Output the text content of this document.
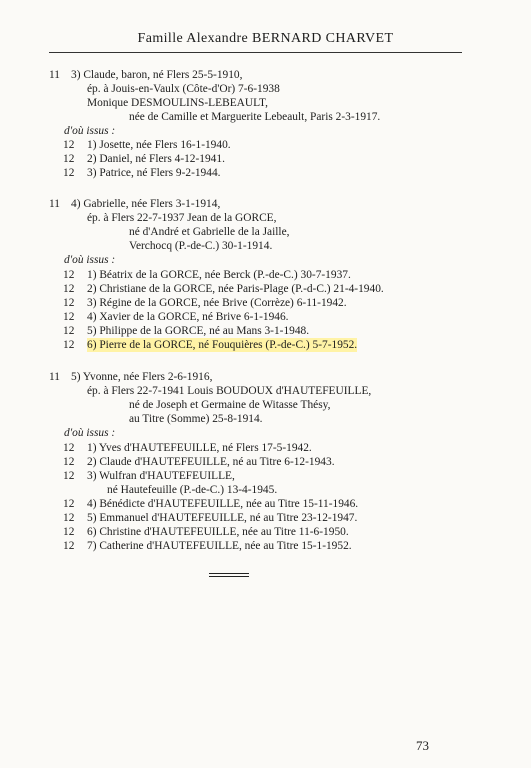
Famille Alexandre BERNARD CHARVET
11 3) Claude, baron, né Flers 25-5-1910,
ép. à Jouis-en-Vaulx (Côte-d'Or) 7-6-1938
Monique DESMOULINS-LEBEAULT,
née de Camille et Marguerite Lebeault, Paris 2-3-1917.
d'où issus :
12 1) Josette, née Flers 16-1-1940.
12 2) Daniel, né Flers 4-12-1941.
12 3) Patrice, né Flers 9-2-1944.
11 4) Gabrielle, née Flers 3-1-1914,
ép. à Flers 22-7-1937 Jean de la GORCE,
né d'André et Gabrielle de la Jaille,
Verchocq (P.-de-C.) 30-1-1914.
d'où issus :
12 1) Béatrix de la GORCE, née Berck (P.-de-C.) 30-7-1937.
12 2) Christiane de la GORCE, née Paris-Plage (P.-d-C.) 21-4-1940.
12 3) Régine de la GORCE, née Brive (Corrèze) 6-11-1942.
12 4) Xavier de la GORCE, né Brive 6-1-1946.
12 5) Philippe de la GORCE, né au Mans 3-1-1948.
12 6) Pierre de la GORCE, né Fouquières (P.-de-C.) 5-7-1952.
11 5) Yvonne, née Flers 2-6-1916,
ép. à Flers 22-7-1941 Louis BOUDOUX d'HAUTEFEUILLE,
né de Joseph et Germaine de Witasse Thésy,
au Titre (Somme) 25-8-1914.
d'où issus :
12 1) Yves d'HAUTEFEUILLE, né Flers 17-5-1942.
12 2) Claude d'HAUTEFEUILLE, né au Titre 6-12-1943.
12 3) Wulfran d'HAUTEFEUILLE,
né Hautefeuille (P.-de-C.) 13-4-1945.
12 4) Bénédicte d'HAUTEFEUILLE, née au Titre 15-11-1946.
12 5) Emmanuel d'HAUTEFEUILLE, né au Titre 23-12-1947.
12 6) Christine d'HAUTEFEUILLE, née au Titre 11-6-1950.
12 7) Catherine d'HAUTEFEUILLE, née au Titre 15-1-1952.
73
